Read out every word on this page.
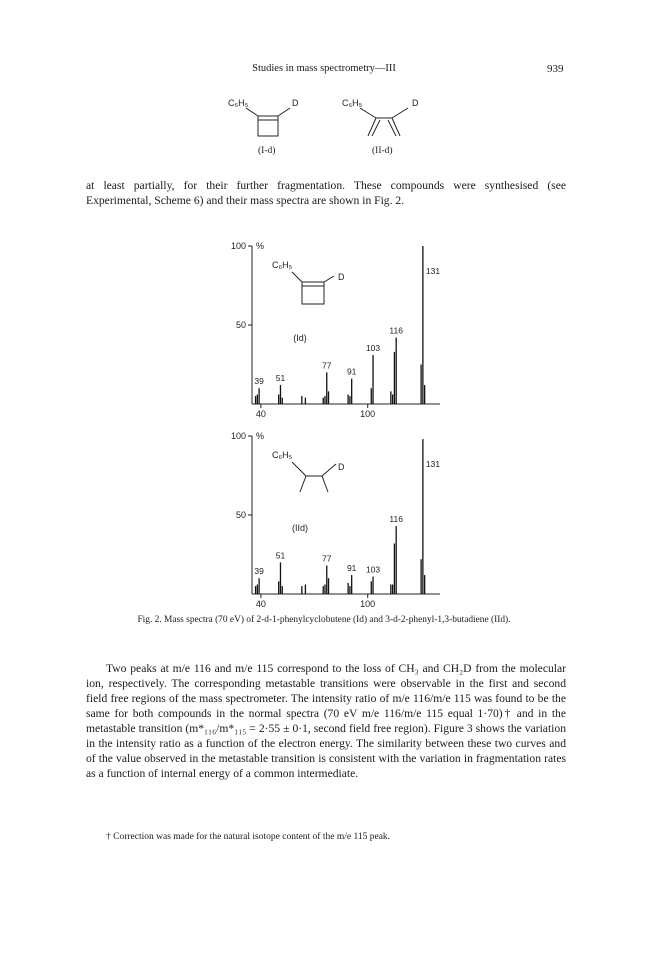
Studies in mass spectrometry—III	939
C₆H₅	D	C₆H₅	D
(I-d)	(II-d)
at least partially, for their further fragmentation. These compounds were synthesised (see Experimental, Scheme 6) and their mass spectra are shown in Fig. 2.
100
50
%
40	100
39 51
77
91
103
116
131
(Id)
C₆H₅
D
100
50
%
40	100
39
51	77
91 103
116
131
(IId)
C₆H₅
D
Fig. 2. Mass spectra (70 eV) of 2-d-1-phenylcyclobutene (Id) and 3-d-2-phenyl-1,3-butadiene (IId).
Two peaks at m/e 116 and m/e 115 correspond to the loss of CH₃ and CH₂D from the molecular ion, respectively. The corresponding metastable transitions were observable in the first and second field free regions of the mass spectrometer. The intensity ratio of m/e 116/m/e 115 was found to be the same for both compounds in the normal spectra (70 eV m/e 116/m/e 115 equal 1·70)† and in the metastable transition (m*₁₁₆/m*₁₁₅ = 2·55 ± 0·1, second field free region). Figure 3 shows the variation in the intensity ratio as a function of the electron energy. The similarity between these two curves and of the value observed in the metastable transition is consistent with the variation in fragmentation rates as a function of internal energy of a common intermediate.
† Correction was made for the natural isotope content of the m/e 115 peak.
